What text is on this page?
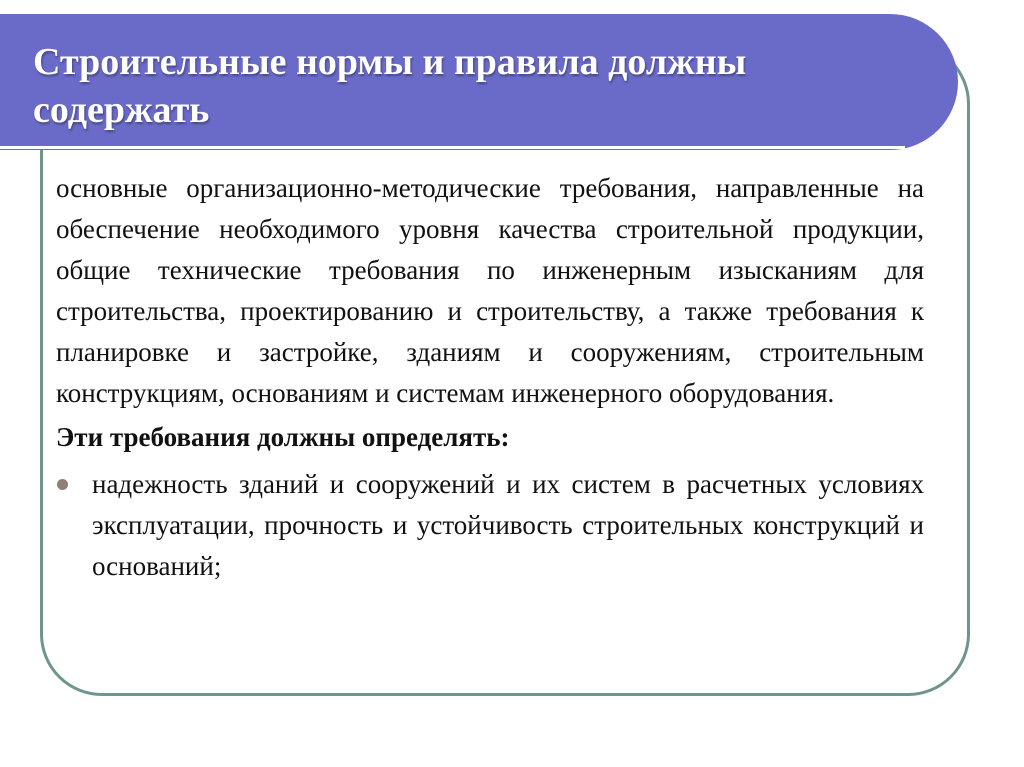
Строительные нормы и правила должны содержать

основные организационно-методические требования, направленные на обеспечение необходимого уровня качества строительной продукции, общие технические требования по инженерным изысканиям для строительства, проектированию и строительству, а также требования к планировке и застройке, зданиям и сооружениям, строительным конструкциям, основаниям и системам инженерного оборудования.

Эти требования должны определять:

надежность зданий и сооружений и их систем в расчетных условиях эксплуатации, прочность и устойчивость строительных конструкций и оснований;
